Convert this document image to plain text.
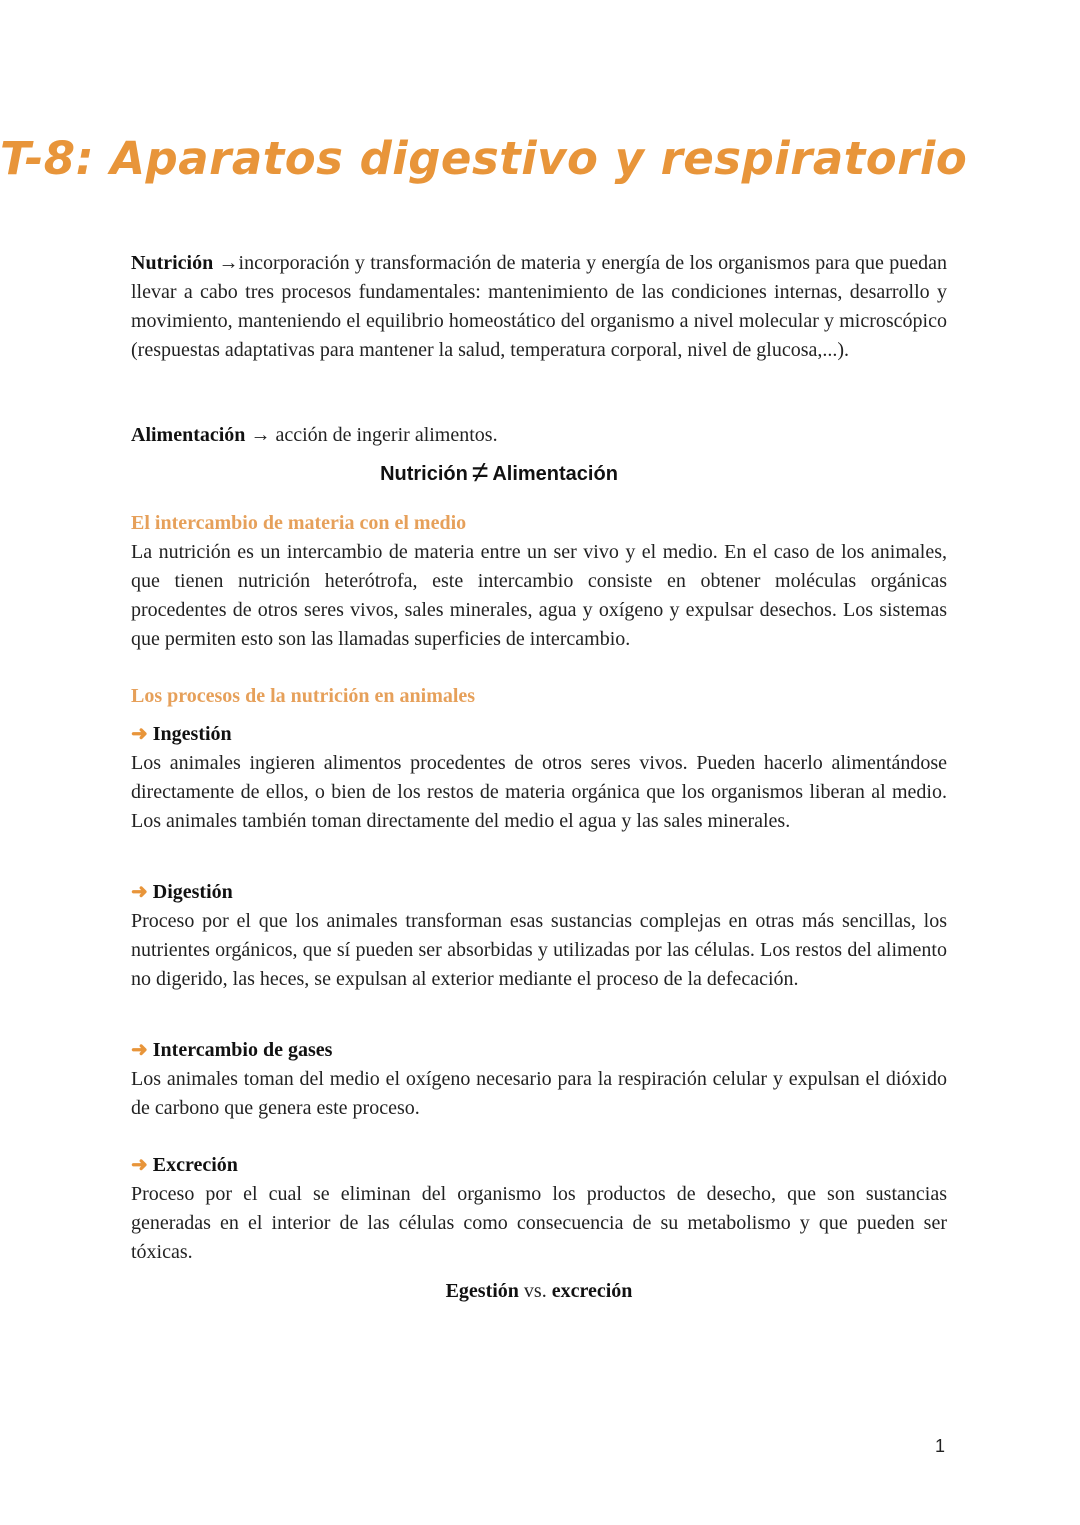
T-8: Aparatos digestivo y respiratorio

Nutrición →incorporación y transformación de materia y energía de los organismos para que puedan llevar a cabo tres procesos fundamentales: mantenimiento de las condiciones internas, desarrollo y movimiento, manteniendo el equilibrio homeostático del organismo a nivel molecular y microscópico (respuestas adaptativas para mantener la salud, temperatura corporal, nivel de glucosa,...).

Alimentación → acción de ingerir alimentos.

Nutrición ≠ Alimentación
El intercambio de materia con el medio

La nutrición es un intercambio de materia entre un ser vivo y el medio. En el caso de los animales, que tienen nutrición heterótrofa, este intercambio consiste en obtener moléculas orgánicas procedentes de otros seres vivos, sales minerales, agua y oxígeno y expulsar desechos. Los sistemas que permiten esto son las llamadas superficies de intercambio.

Los procesos de la nutrición en animales

➜ Ingestión

Los animales ingieren alimentos procedentes de otros seres vivos. Pueden hacerlo alimentándose directamente de ellos, o bien de los restos de materia orgánica que los organismos liberan al medio. Los animales también toman directamente del medio el agua y las sales minerales.

➜ Digestión

Proceso por el que los animales transforman esas sustancias complejas en otras más sencillas, los nutrientes orgánicos, que sí pueden ser absorbidas y utilizadas por las células. Los restos del alimento no digerido, las heces, se expulsan al exterior mediante el proceso de la defecación.

➜ Intercambio de gases

Los animales toman del medio el oxígeno necesario para la respiración celular y expulsan el dióxido de carbono que genera este proceso.

➜ Excreción

Proceso por el cual se eliminan del organismo los productos de desecho, que son sustancias generadas en el interior de las células como consecuencia de su metabolismo y que pueden ser tóxicas.

Egestión vs. excreción

1
